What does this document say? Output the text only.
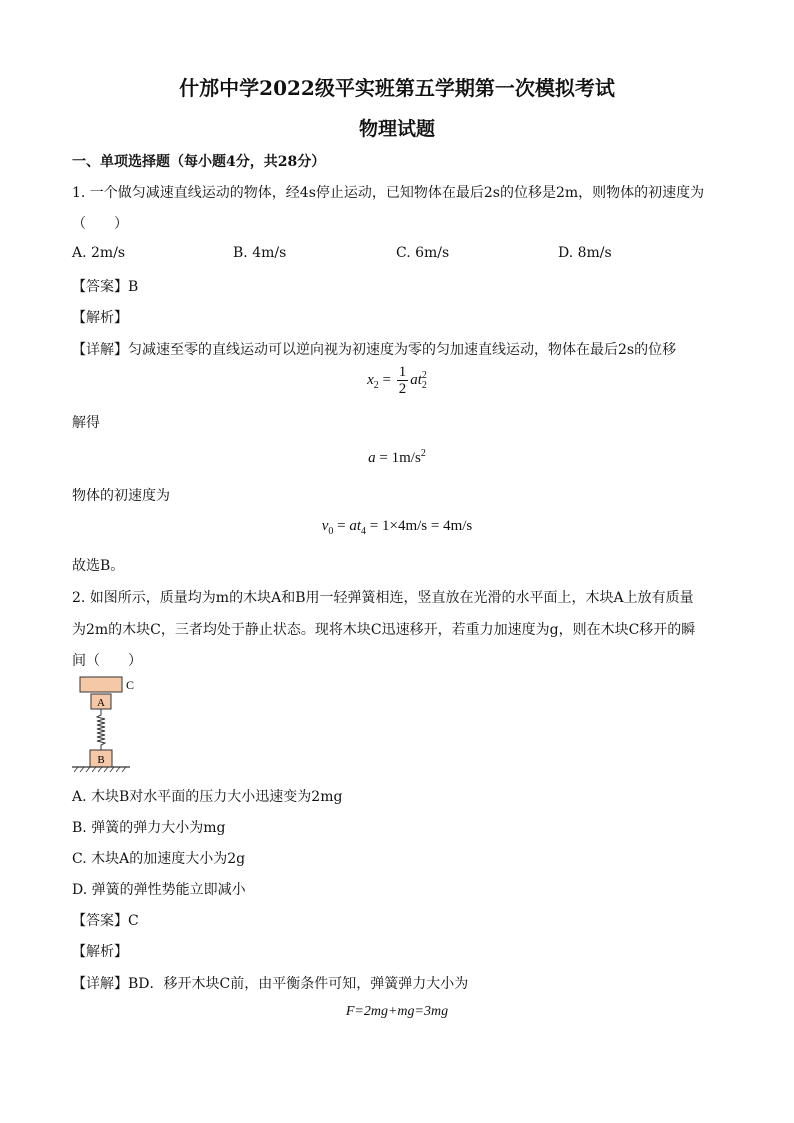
什邡中学2022级平实班第五学期第一次模拟考试
物理试题
一、单项选择题（每小题4分，共28分）
1. 一个做匀减速直线运动的物体，经4s停止运动，已知物体在最后2s的位移是2m，则物体的初速度为
（　　）
A. 2m/s	B. 4m/s	C. 6m/s	D. 8m/s
【答案】B
【解析】
【详解】匀减速至零的直线运动可以逆向视为初速度为零的匀加速直线运动，物体在最后2s的位移
$x_2 = \frac{1}{2}$ at 2
2
解得
$a = 1m/s^2$
物体的初速度为
$v_0 = at_4 = 1\times 4m/s = 4m/s$
故选B。
2. 如图所示，质量均为m的木块A和B用一轻弹簧相连，竖直放在光滑的水平面上，木块A上放有质量
为2m的木块C，三者均处于静止状态。现将木块C迅速移开，若重力加速度为g，则在木块C移开的瞬
间（　　）
C
A
B
A. 木块B对水平面的压力大小迅速变为2mg
B. 弹簧的弹力大小为mg
C. 木块A的加速度大小为2g
D. 弹簧的弹性势能立即减小
【答案】C
【解析】
【详解】BD．移开木块C前，由平衡条件可知，弹簧弹力大小为
F=2mg+mg=3mg
